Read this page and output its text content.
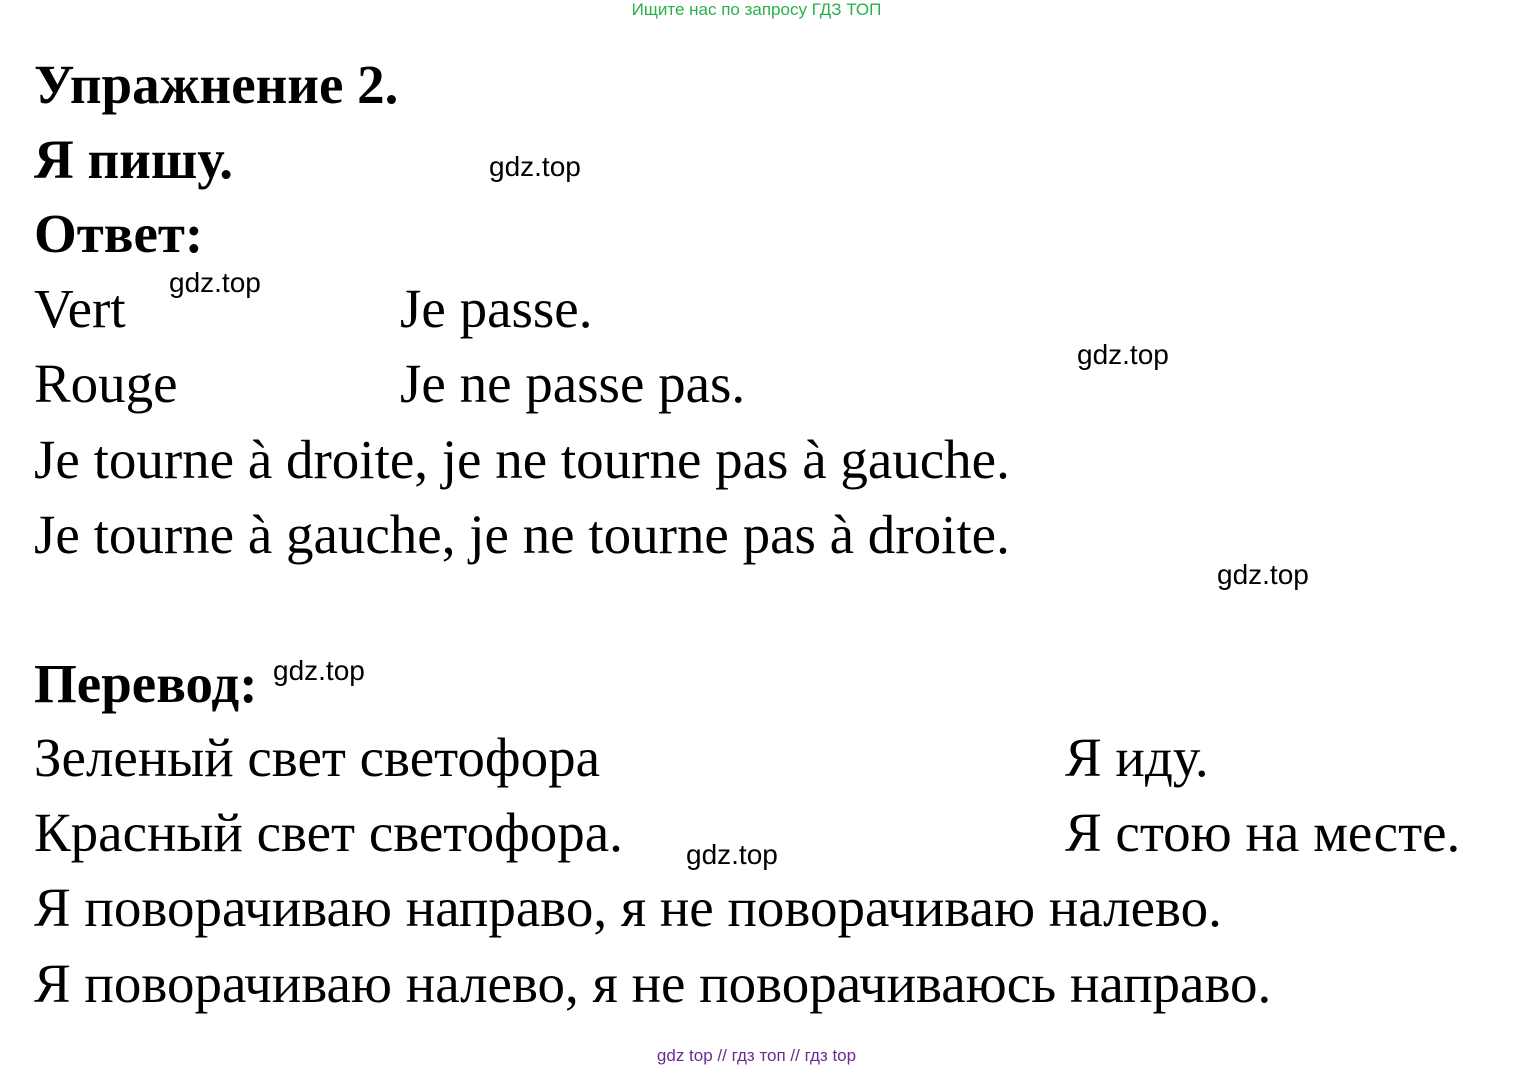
Ищите нас по запросу ГДЗ ТОП
Упражнение 2.
Я пишу.	gdz.top
Ответ:
Vert gdz.top	Je passe.
Rouge	Je ne passe pas.	gdz.top
Je tourne à droite, je ne tourne pas à gauche.
Je tourne à gauche, je ne tourne pas à droite.
gdz.top
Перевод: gdz.top
Зеленый свет светофора	Я иду.
Красный свет светофора. gdz.top	Я стою на месте.
Я поворачиваю направо, я не поворачиваю налево.
Я поворачиваю налево, я не поворачиваюсь направо.
gdz top // гдз топ // гдз top
